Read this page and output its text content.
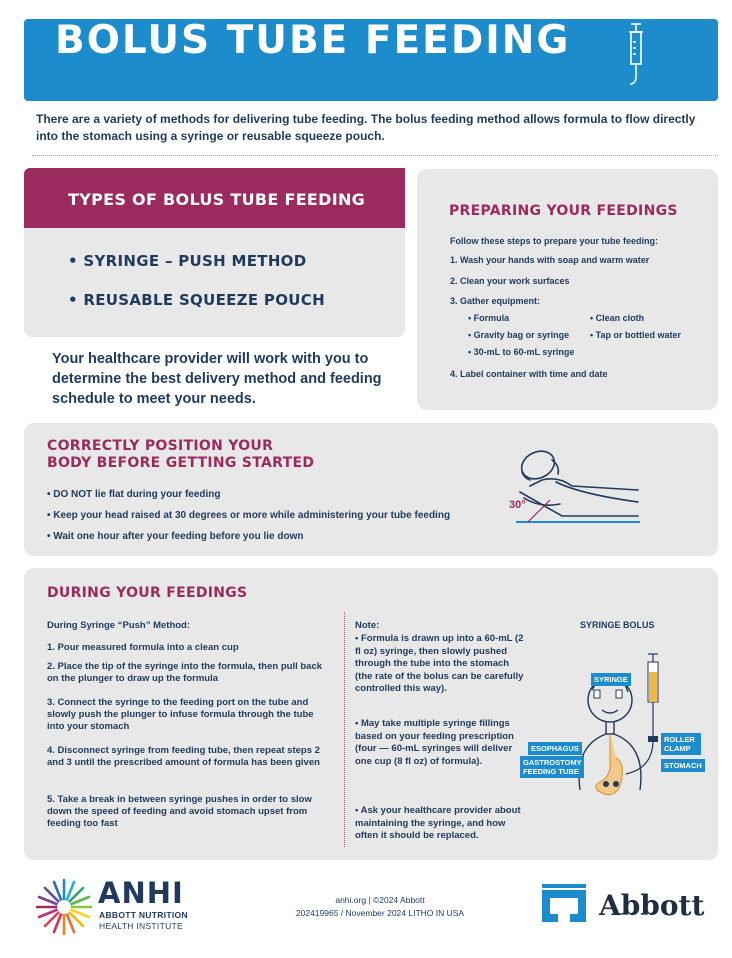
BOLUS TUBE FEEDING
There are a variety of methods for delivering tube feeding. The bolus feeding method allows formula to flow directly into the stomach using a syringe or reusable squeeze pouch.
TYPES OF BOLUS TUBE FEEDING
• SYRINGE – PUSH METHOD
• REUSABLE SQUEEZE POUCH
Your healthcare provider will work with you to determine the best delivery method and feeding schedule to meet your needs.
PREPARING YOUR FEEDINGS
Follow these steps to prepare your tube feeding:
1. Wash your hands with soap and warm water
2. Clean your work surfaces
3. Gather equipment:
• Formula
• Gravity bag or syringe
• 30-mL to 60-mL syringe
• Clean cloth
• Tap or bottled water
4. Label container with time and date
CORRECTLY POSITION YOUR
BODY BEFORE GETTING STARTED
• DO NOT lie flat during your feeding
• Keep your head raised at 30 degrees or more while administering your tube feeding
• Wait one hour after your feeding before you lie down
30°
DURING YOUR FEEDINGS
During Syringe “Push” Method:
1. Pour measured formula into a clean cup
2. Place the tip of the syringe into the formula, then pull back on the plunger to draw up the formula
3. Connect the syringe to the feeding port on the tube and slowly push the plunger to infuse formula through the tube into your stomach
4. Disconnect syringe from feeding tube, then repeat steps 2 and 3 until the prescribed amount of formula has been given
5. Take a break in between syringe pushes in order to slow down the speed of feeding and avoid stomach upset from feeding too fast
Note:
• Formula is drawn up into a 60-mL (2 fl oz) syringe, then slowly pushed through the tube into the stomach (the rate of the bolus can be carefully controlled this way).
• May take multiple syringe fillings based on your feeding prescription (four — 60-mL syringes will deliver one cup (8 fl oz) of formula).
• Ask your healthcare provider about maintaining the syringe, and how often it should be replaced.
SYRINGE BOLUS
SYRINGE
ROLLER CLAMP
ESOPHAGUS
GASTROSTOMY FEEDING TUBE
STOMACH
ANHI
ABBOTT NUTRITION
HEALTH INSTITUTE
anhi.org | ©2024 Abbott
202419965 / November 2024 LITHO IN USA	Abbott
